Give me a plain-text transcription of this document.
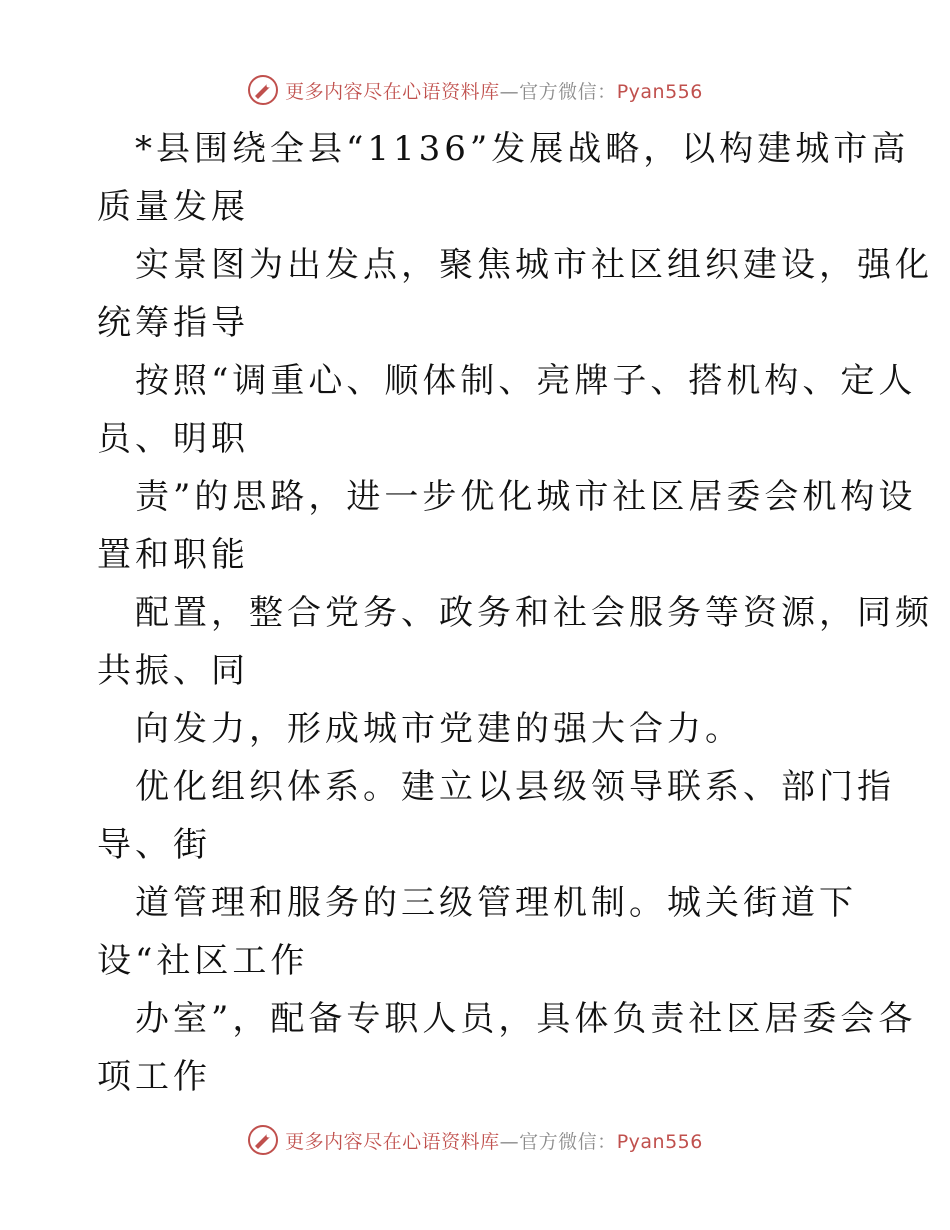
更多内容尽在心语资料库—官方微信：Pyan556
*县围绕全县“1136”发展战略，以构建城市高
质量发展
实景图为出发点，聚焦城市社区组织建设，强化
统筹指导
按照“调重心、顺体制、亮牌子、搭机构、定人
员、明职
责”的思路，进一步优化城市社区居委会机构设
置和职能
配置，整合党务、政务和社会服务等资源，同频
共振、同
向发力，形成城市党建的强大合力。
优化组织体系。建立以县级领导联系、部门指
导、街
道管理和服务的三级管理机制。城关街道下
设“社区工作
办室”，配备专职人员，具体负责社区居委会各
项工作
更多内容尽在心语资料库—官方微信：Pyan556
